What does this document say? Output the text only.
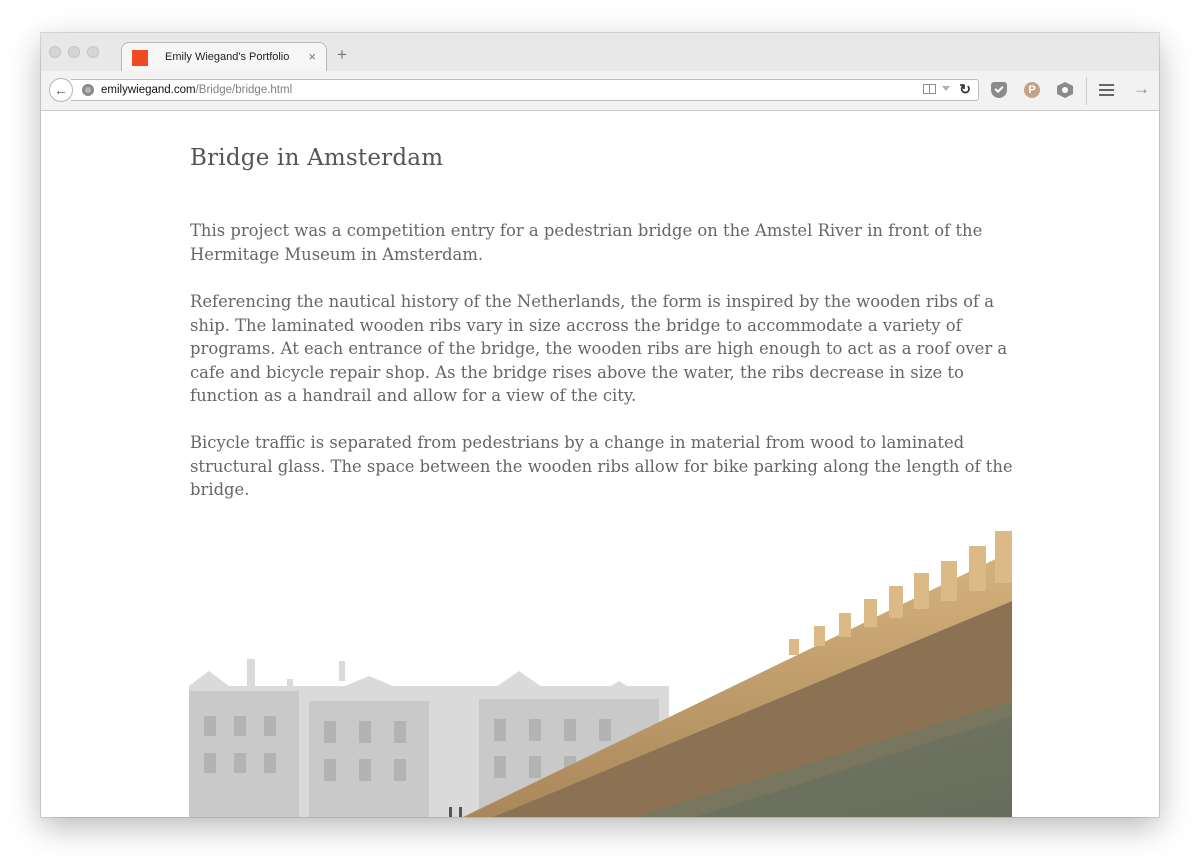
Emily Wiegand's Portfolio × +
emilywiegand.com/Bridge/bridge.html	↻
←	P	→
Bridge in Amsterdam

This project was a competition entry for a pedestrian bridge on the Amstel River in front of the Hermitage Museum in Amsterdam.

Referencing the nautical history of the Netherlands, the form is inspired by the wooden ribs of a ship. The laminated wooden ribs vary in size accross the bridge to accommodate a variety of programs. At each entrance of the bridge, the wooden ribs are high enough to act as a roof over a cafe and bicycle repair shop. As the bridge rises above the water, the ribs decrease in size to function as a handrail and allow for a view of the city.

Bicycle traffic is separated from pedestrians by a change in material from wood to laminated structural glass. The space between the wooden ribs allow for bike parking along the length of the bridge.
